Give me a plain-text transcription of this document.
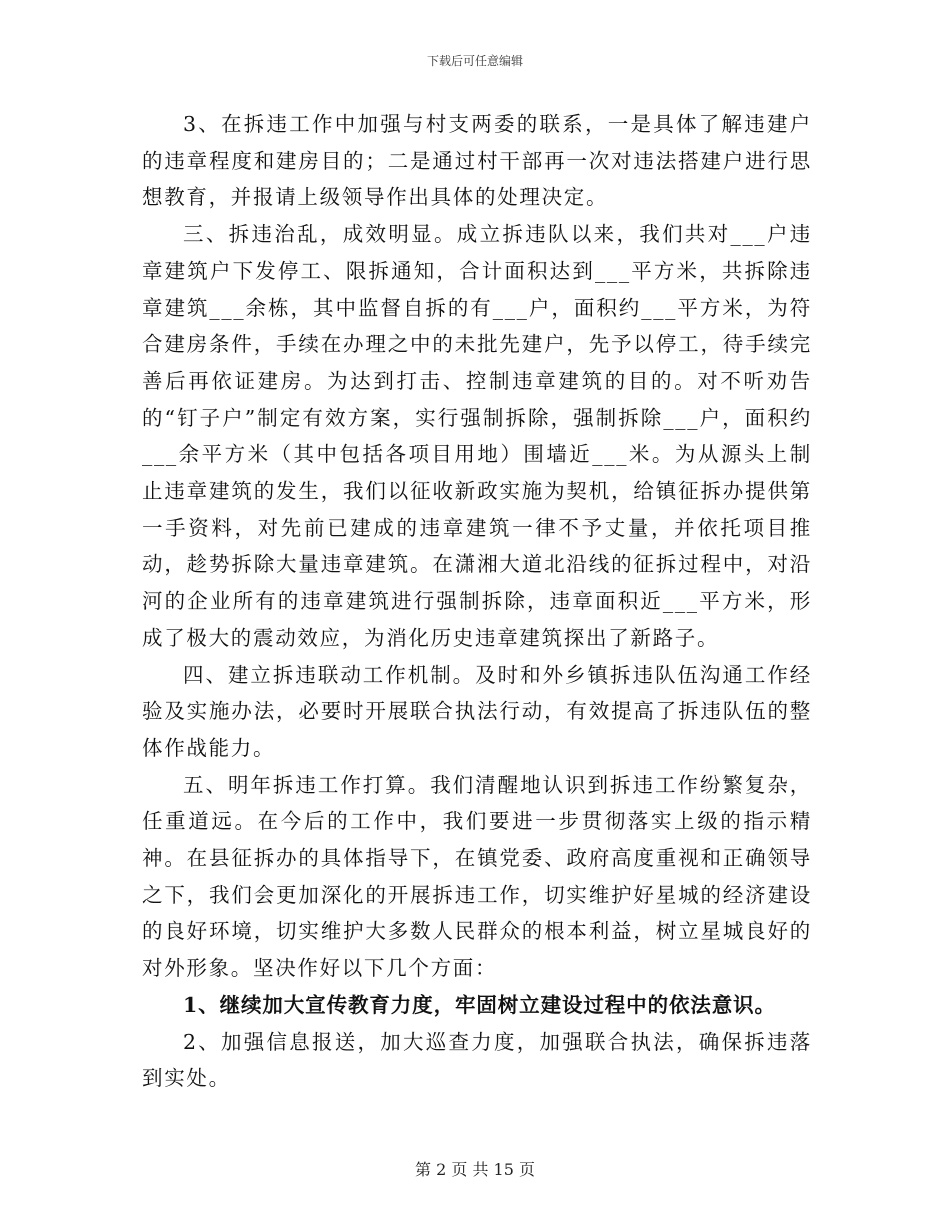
下载后可任意编辑

3、在拆违工作中加强与村支两委的联系，一是具体了解违建户的违章程度和建房目的；二是通过村干部再一次对违法搭建户进行思想教育，并报请上级领导作出具体的处理决定。

三、拆违治乱，成效明显。成立拆违队以来，我们共对___户违章建筑户下发停工、限拆通知，合计面积达到___平方米，共拆除违章建筑___余栋，其中监督自拆的有___户，面积约___平方米，为符合建房条件，手续在办理之中的未批先建户，先予以停工，待手续完善后再依证建房。为达到打击、控制违章建筑的目的。对不听劝告的“钉子户”制定有效方案，实行强制拆除，强制拆除___户，面积约___余平方米（其中包括各项目用地）围墙近___米。为从源头上制止违章建筑的发生，我们以征收新政实施为契机，给镇征拆办提供第一手资料，对先前已建成的违章建筑一律不予丈量，并依托项目推动，趁势拆除大量违章建筑。在潇湘大道北沿线的征拆过程中，对沿河的企业所有的违章建筑进行强制拆除，违章面积近___平方米，形成了极大的震动效应，为消化历史违章建筑探出了新路子。

四、建立拆违联动工作机制。及时和外乡镇拆违队伍沟通工作经验及实施办法，必要时开展联合执法行动，有效提高了拆违队伍的整体作战能力。

五、明年拆违工作打算。我们清醒地认识到拆违工作纷繁复杂，任重道远。在今后的工作中，我们要进一步贯彻落实上级的指示精神。在县征拆办的具体指导下，在镇党委、政府高度重视和正确领导之下，我们会更加深化的开展拆违工作，切实维护好星城的经济建设的良好环境，切实维护大多数人民群众的根本利益，树立星城良好的对外形象。坚决作好以下几个方面：

1、继续加大宣传教育力度，牢固树立建设过程中的依法意识。

2、加强信息报送，加大巡查力度，加强联合执法，确保拆违落到实处。

第 2 页 共 15 页
